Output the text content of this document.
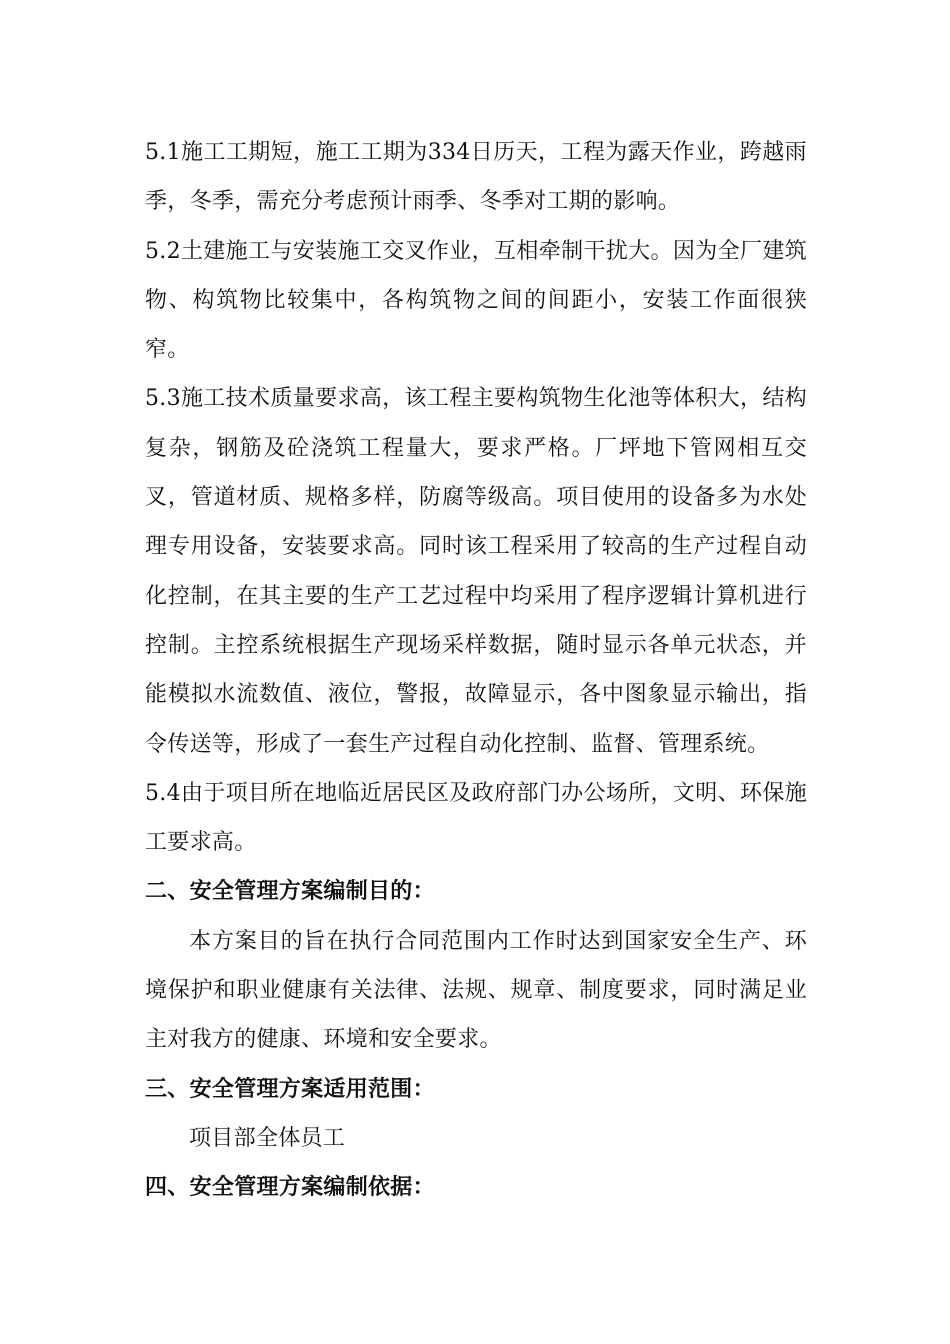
5.1施工工期短，施工工期为334日历天，工程为露天作业，跨越雨季，冬季，需充分考虑预计雨季、冬季对工期的影响。

5.2土建施工与安装施工交叉作业，互相牵制干扰大。因为全厂建筑物、构筑物比较集中，各构筑物之间的间距小，安装工作面很狭窄。

5.3施工技术质量要求高，该工程主要构筑物生化池等体积大，结构复杂，钢筋及砼浇筑工程量大，要求严格。厂坪地下管网相互交叉，管道材质、规格多样，防腐等级高。项目使用的设备多为水处理专用设备，安装要求高。同时该工程采用了较高的生产过程自动化控制，在其主要的生产工艺过程中均采用了程序逻辑计算机进行控制。主控系统根据生产现场采样数据，随时显示各单元状态，并能模拟水流数值、液位，警报，故障显示，各中图象显示输出，指令传送等，形成了一套生产过程自动化控制、监督、管理系统。

5.4由于项目所在地临近居民区及政府部门办公场所，文明、环保施工要求高。

二、安全管理方案编制目的：

本方案目的旨在执行合同范围内工作时达到国家安全生产、环境保护和职业健康有关法律、法规、规章、制度要求，同时满足业主对我方的健康、环境和安全要求。

三、安全管理方案适用范围：

项目部全体员工

四、安全管理方案编制依据：
